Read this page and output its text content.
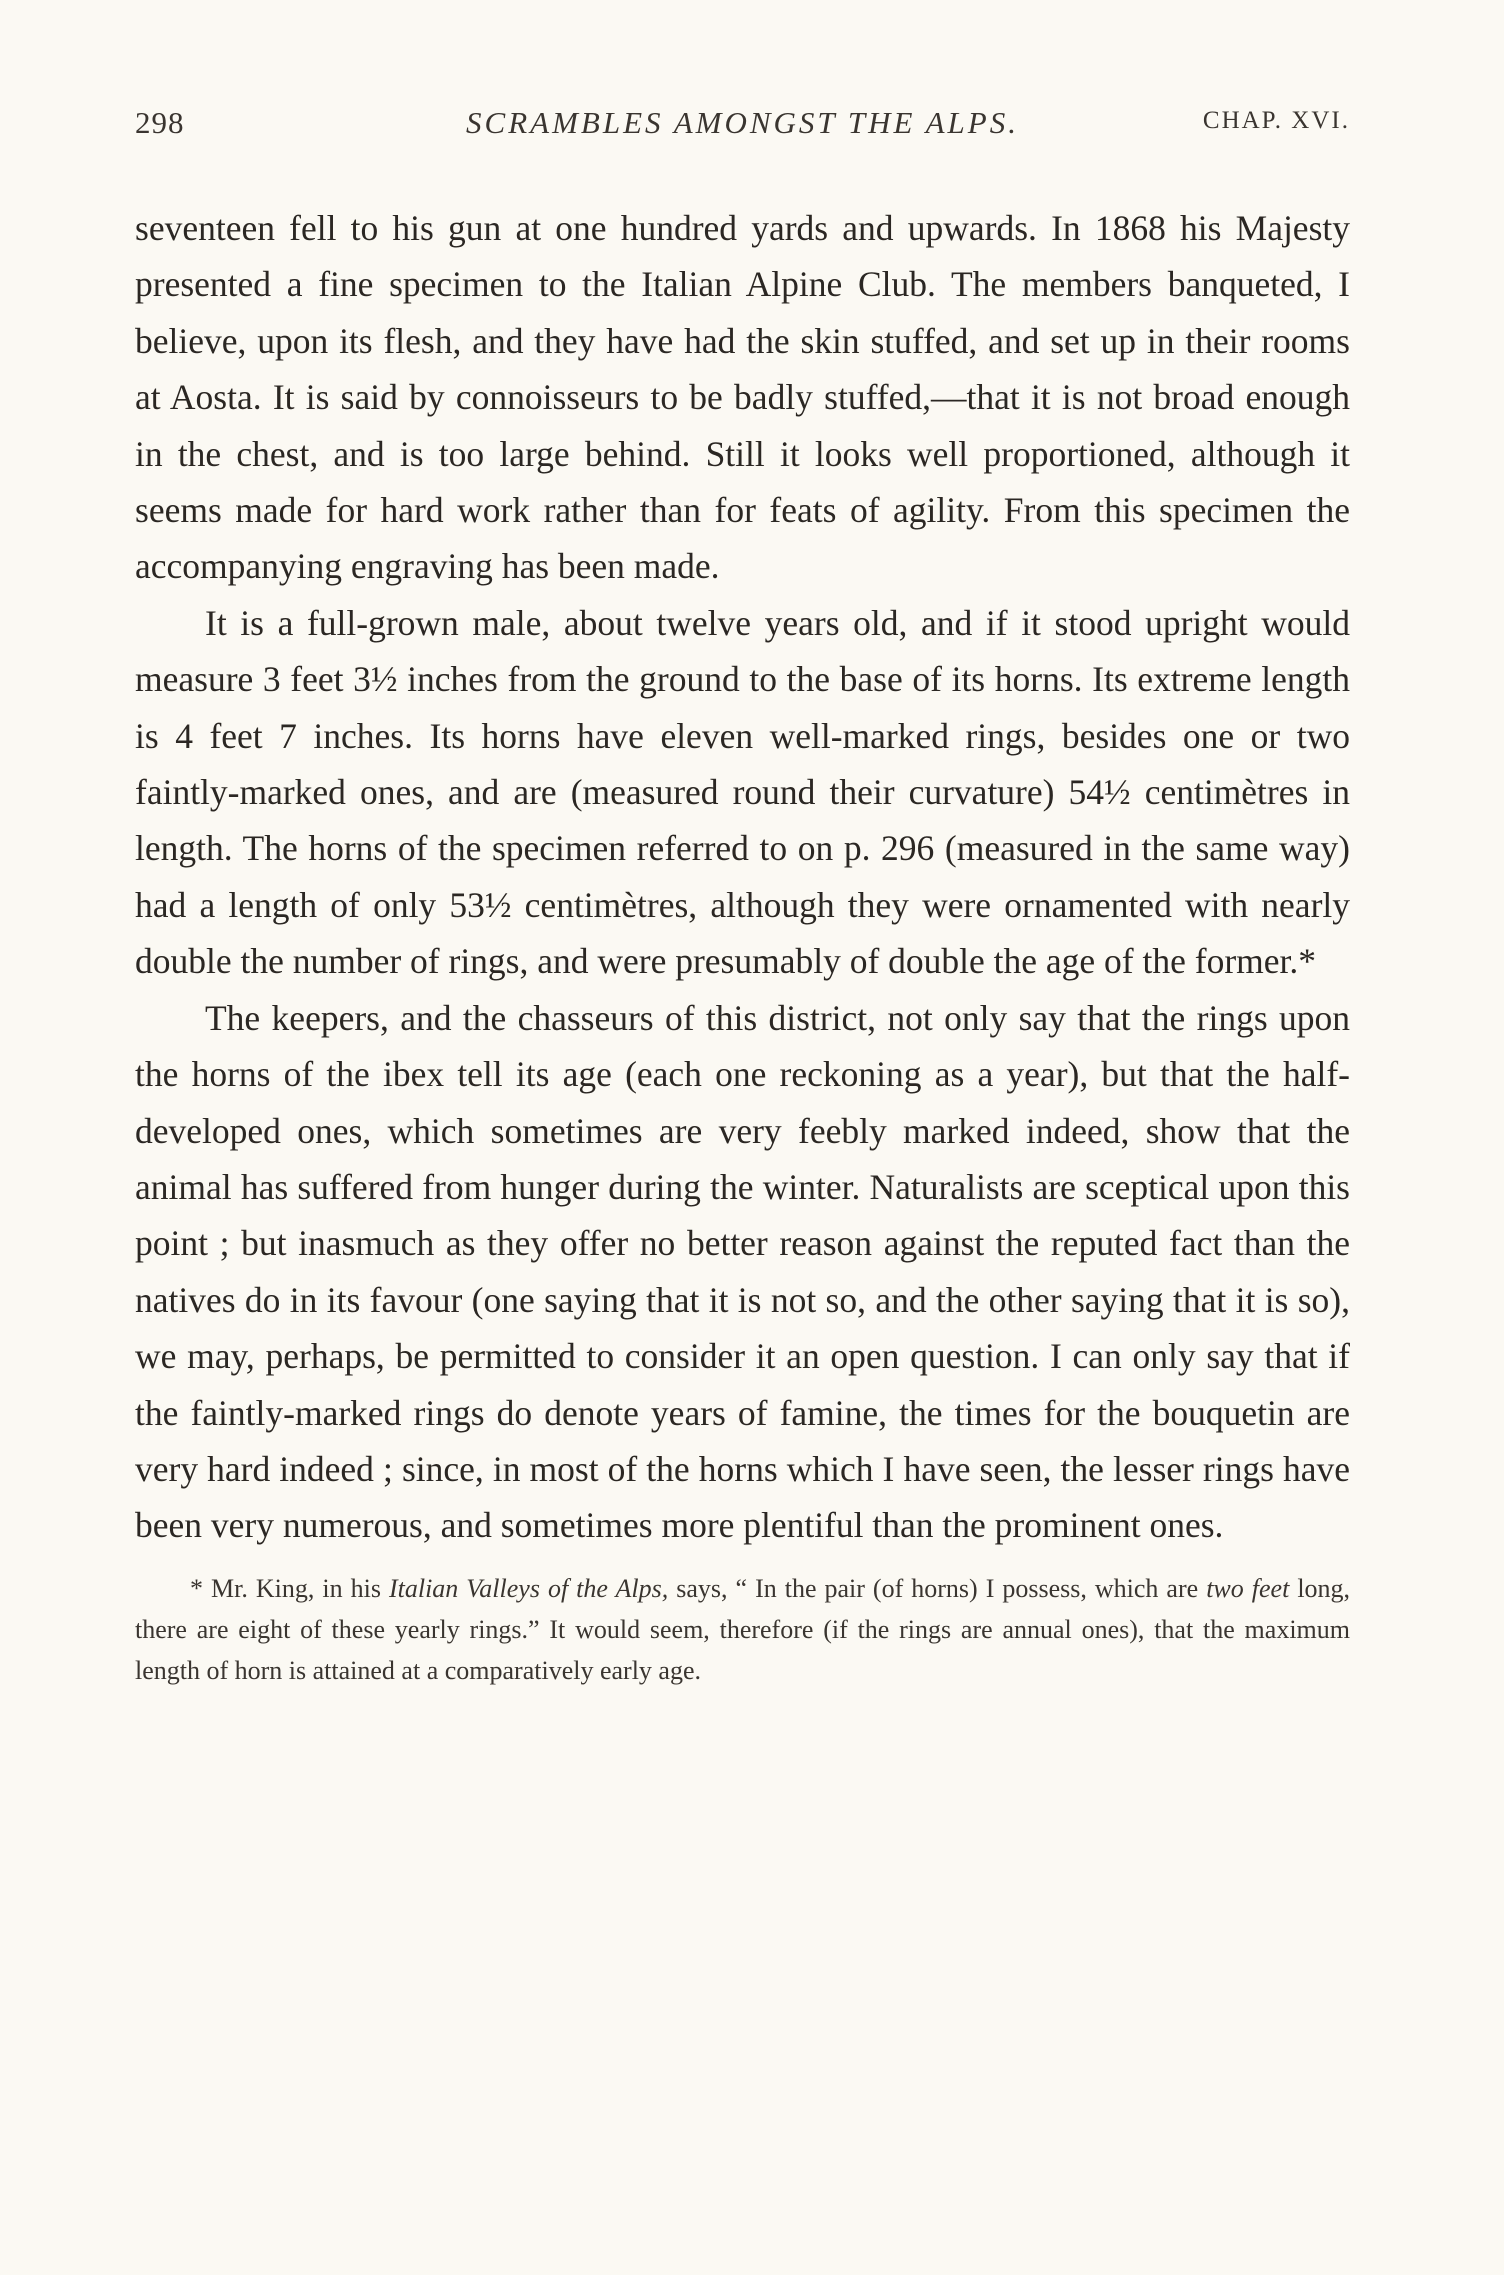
298	SCRAMBLES AMONGST THE ALPS.	CHAP. XVI.

seventeen fell to his gun at one hundred yards and upwards. In 1868 his Majesty presented a fine specimen to the Italian Alpine Club. The members banqueted, I believe, upon its flesh, and they have had the skin stuffed, and set up in their rooms at Aosta. It is said by connoisseurs to be badly stuffed,—that it is not broad enough in the chest, and is too large behind. Still it looks well proportioned, although it seems made for hard work rather than for feats of agility. From this specimen the accompanying engraving has been made.

It is a full-grown male, about twelve years old, and if it stood upright would measure 3 feet 3½ inches from the ground to the base of its horns. Its extreme length is 4 feet 7 inches. Its horns have eleven well-marked rings, besides one or two faintly-marked ones, and are (measured round their curvature) 54½ centimètres in length. The horns of the specimen referred to on p. 296 (measured in the same way) had a length of only 53½ centimètres, although they were ornamented with nearly double the number of rings, and were presumably of double the age of the former.*

The keepers, and the chasseurs of this district, not only say that the rings upon the horns of the ibex tell its age (each one reckoning as a year), but that the half-developed ones, which sometimes are very feebly marked indeed, show that the animal has suffered from hunger during the winter. Naturalists are sceptical upon this point ; but inasmuch as they offer no better reason against the reputed fact than the natives do in its favour (one saying that it is not so, and the other saying that it is so), we may, perhaps, be permitted to consider it an open question. I can only say that if the faintly-marked rings do denote years of famine, the times for the bouquetin are very hard indeed ; since, in most of the horns which I have seen, the lesser rings have been very numerous, and sometimes more plentiful than the prominent ones.

* Mr. King, in his Italian Valleys of the Alps, says, “ In the pair (of horns) I possess, which are two feet long, there are eight of these yearly rings.” It would seem, therefore (if the rings are annual ones), that the maximum length of horn is attained at a comparatively early age.
